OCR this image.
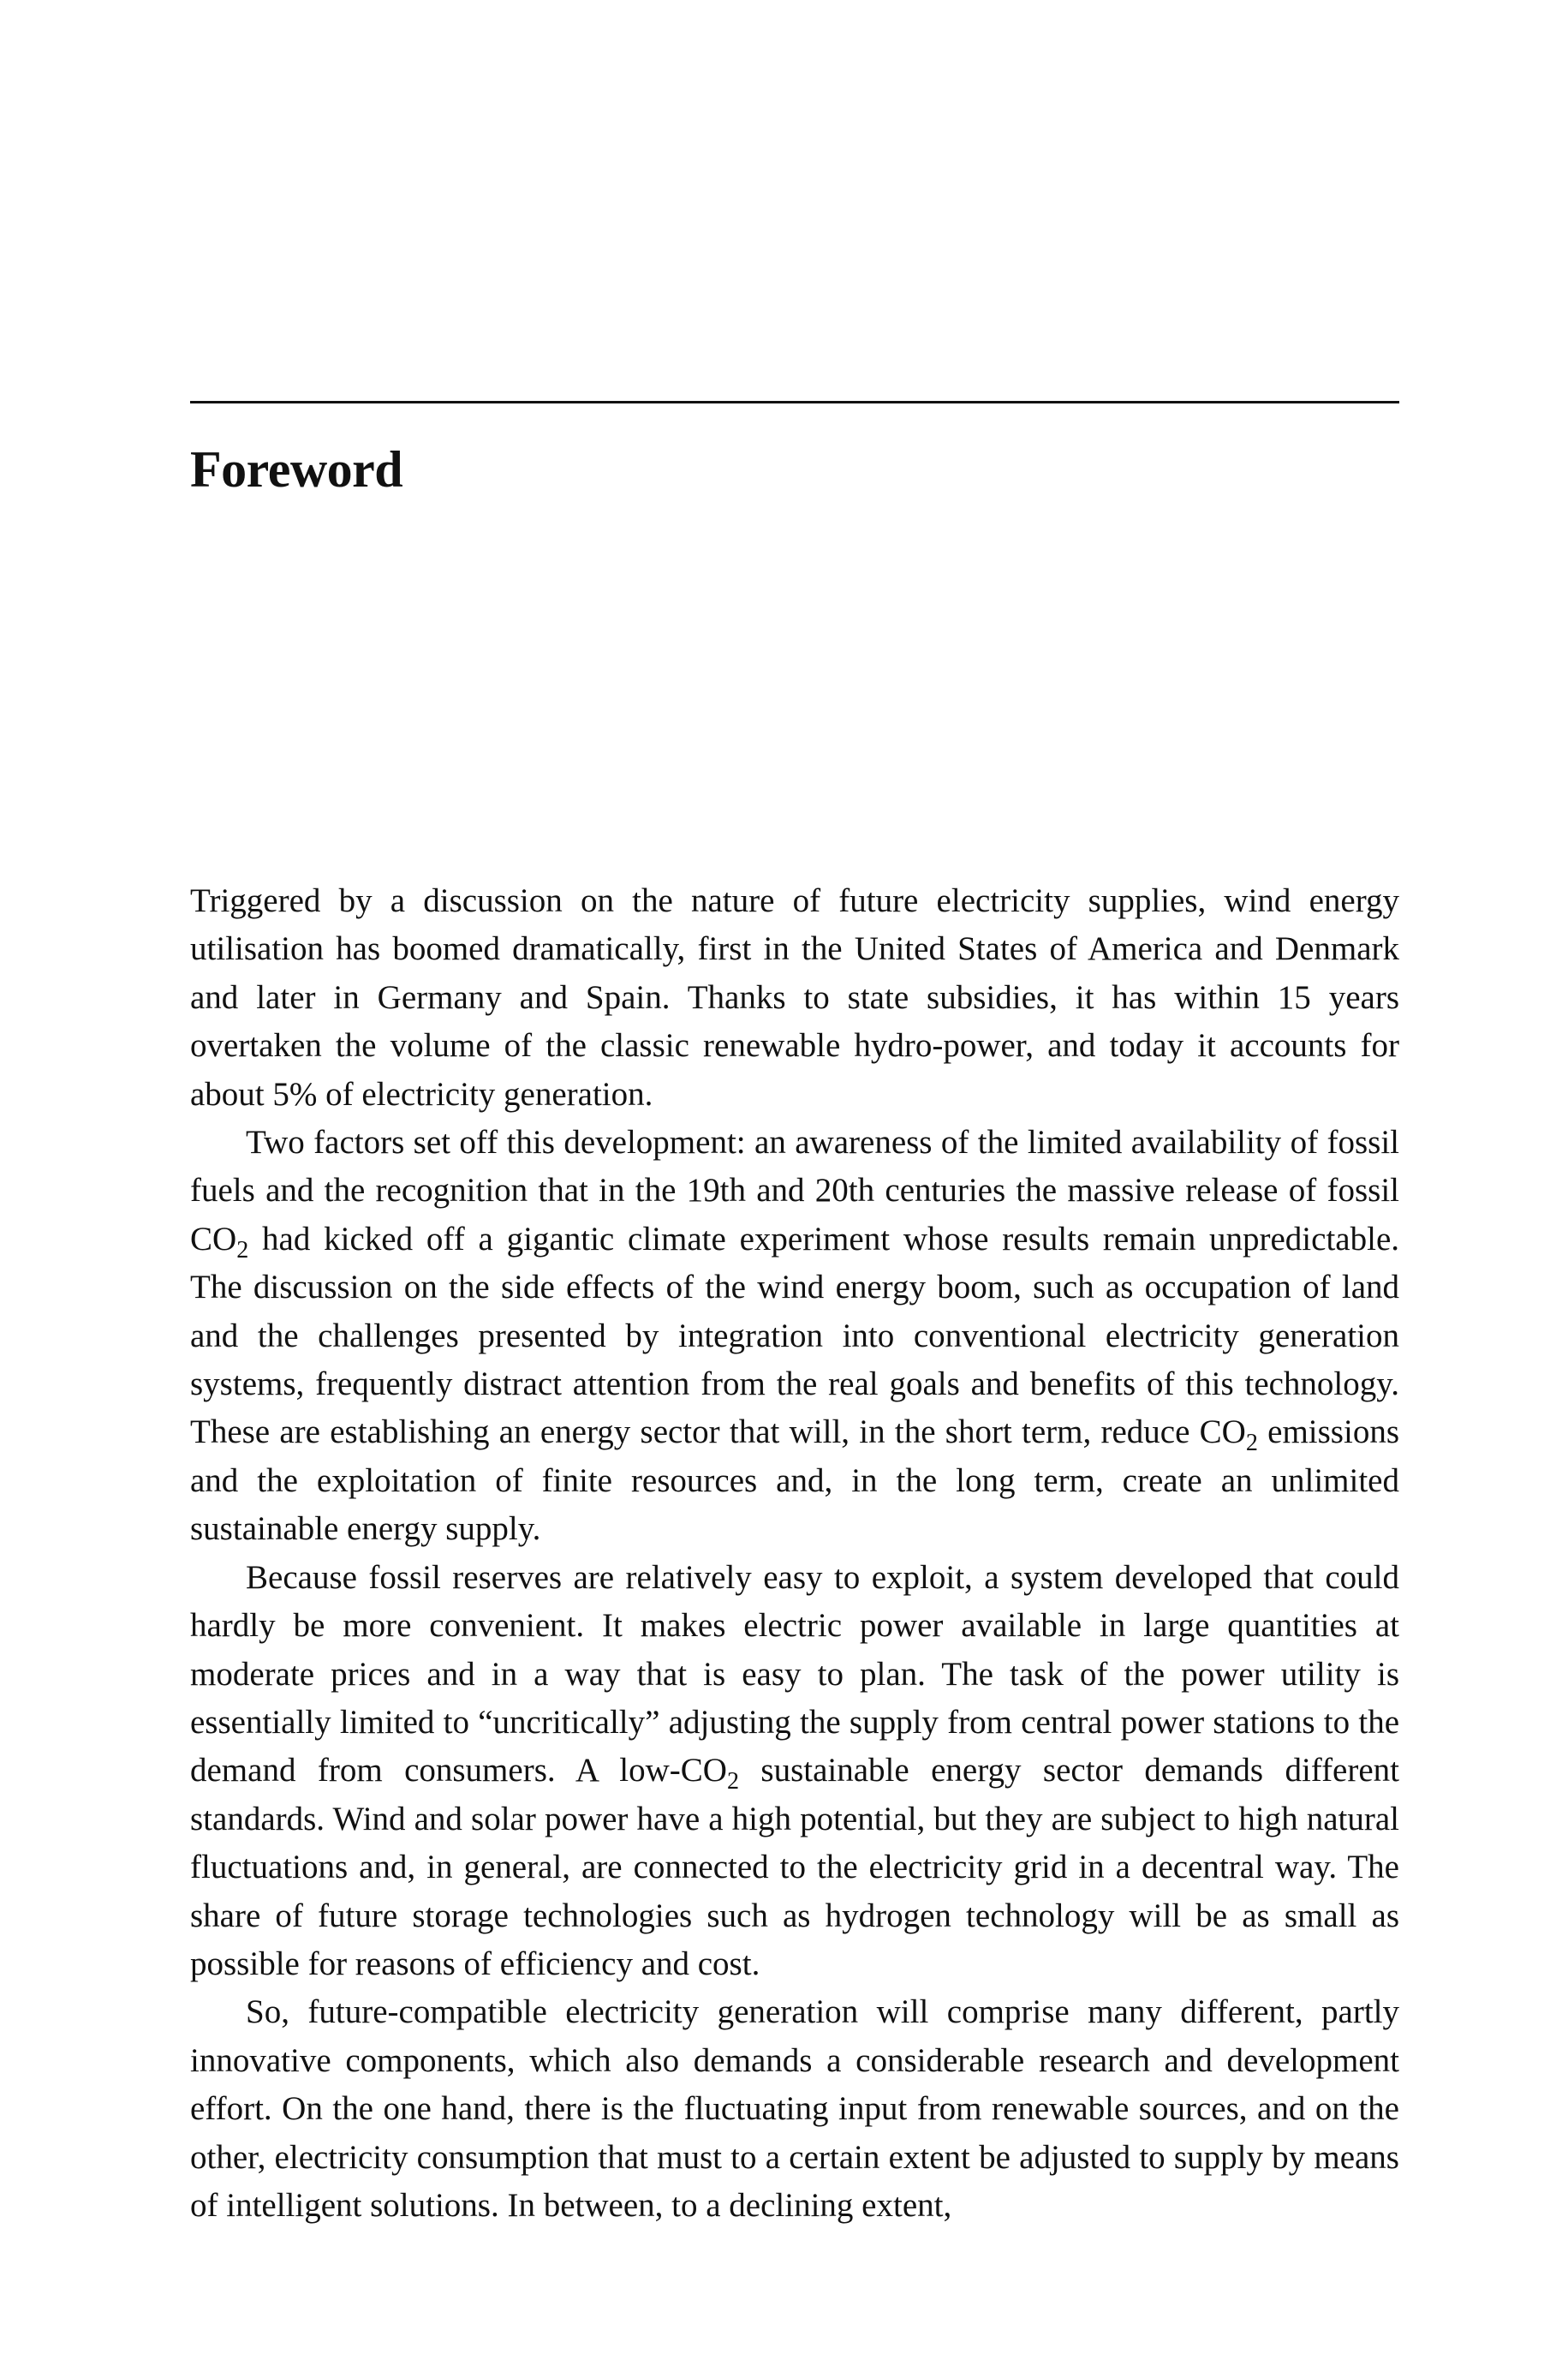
Foreword

Triggered by a discussion on the nature of future electricity supplies, wind energy utilisation has boomed dramatically, first in the United States of America and Denmark and later in Germany and Spain. Thanks to state subsidies, it has within 15 years overtaken the volume of the classic renewable hydro-power, and today it accounts for about 5% of electricity generation.

Two factors set off this development: an awareness of the limited availability of fossil fuels and the recognition that in the 19th and 20th centuries the massive release of fossil $CO_2$ had kicked off a gigantic climate experiment whose results remain unpredictable. The discussion on the side effects of the wind energy boom, such as occupation of land and the challenges presented by integration into conventional electricity generation systems, frequently distract attention from the real goals and benefits of this technology. These are establishing an energy sector that will, in the short term, reduce $CO_2$ emissions and the exploitation of finite resources and, in the long term, create an unlimited sustainable energy supply.

Because fossil reserves are relatively easy to exploit, a system developed that could hardly be more convenient. It makes electric power available in large quantities at moderate prices and in a way that is easy to plan. The task of the power utility is essentially limited to “uncritically” adjusting the supply from central power stations to the demand from consumers. A low-$CO_2$ sustainable energy sector demands different standards. Wind and solar power have a high potential, but they are subject to high natural fluctuations and, in general, are connected to the electricity grid in a decentral way. The share of future storage technologies such as hydrogen technology will be as small as possible for reasons of efficiency and cost.

So, future-compatible electricity generation will comprise many different, partly innovative components, which also demands a considerable research and development effort. On the one hand, there is the fluctuating input from renewable sources, and on the other, electricity consumption that must to a certain extent be adjusted to supply by means of intelligent solutions. In between, to a declining extent,
